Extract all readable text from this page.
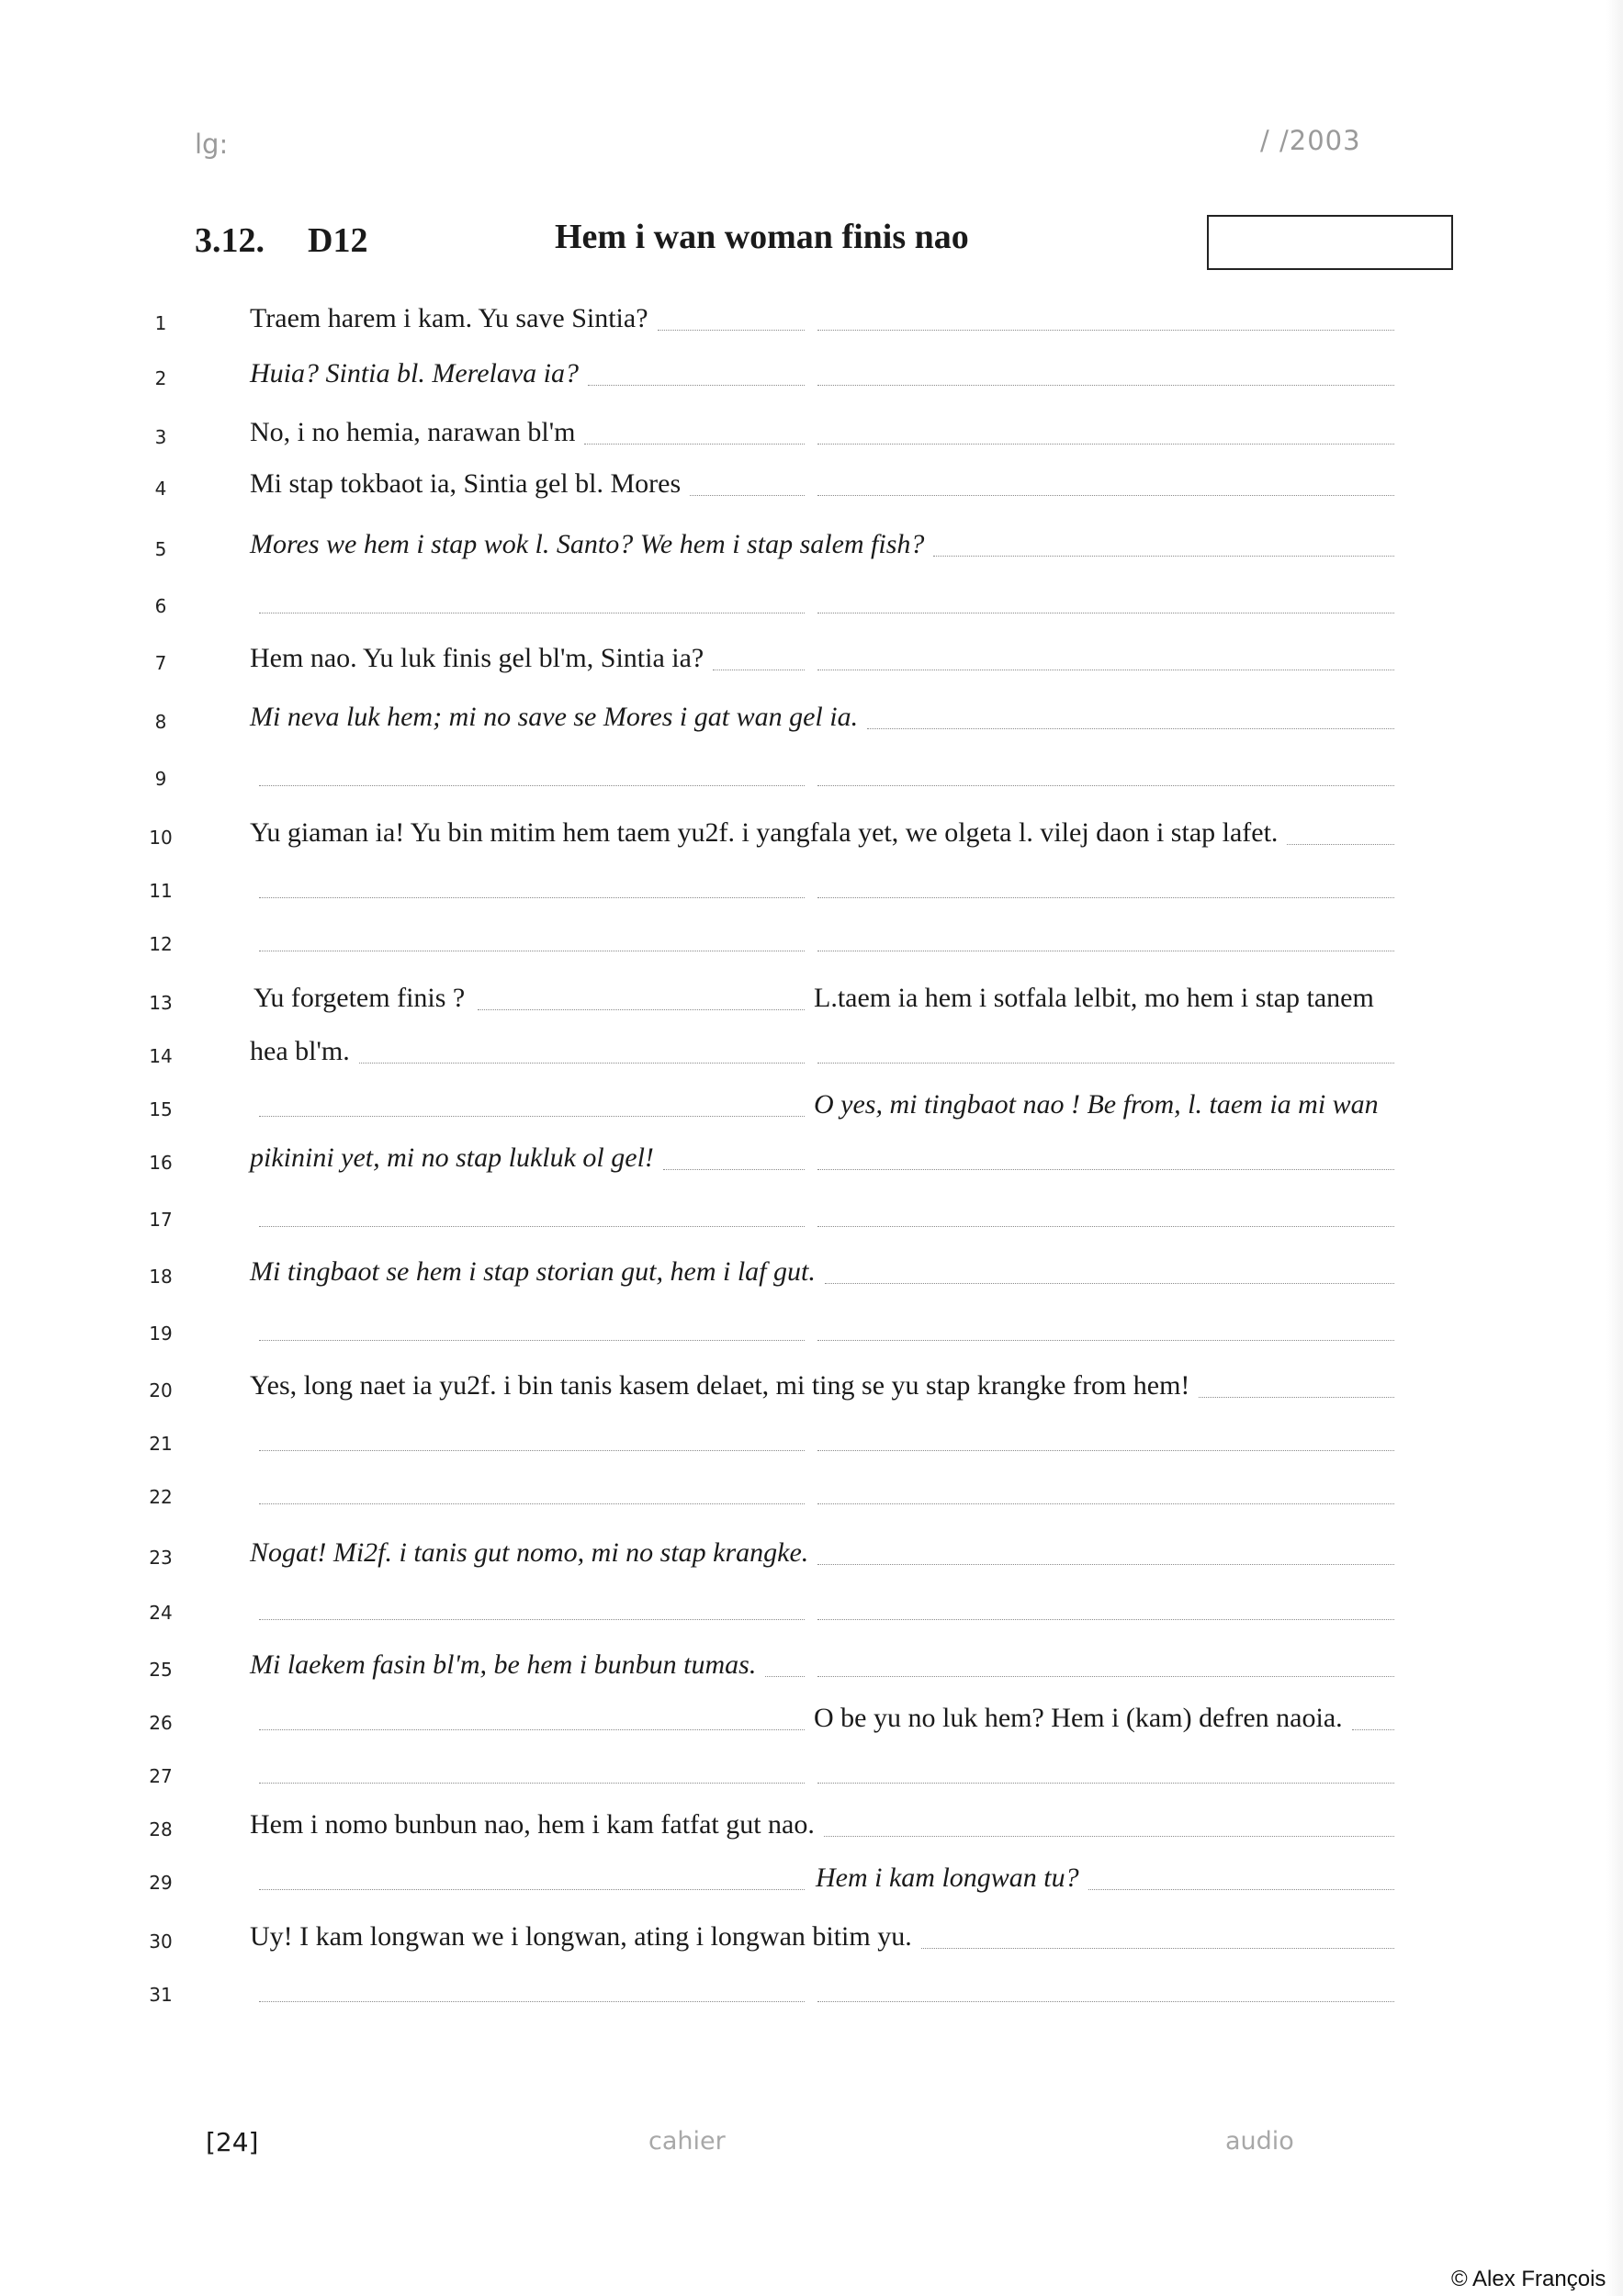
lg:	/ /2003
3.12. D12	Hem i wan woman finis nao
1	Traem harem i kam. Yu save Sintia?
2	Huia? Sintia bl. Merelava ia?
3	No, i no hemia, narawan bl'm
4	Mi stap tokbaot ia, Sintia gel bl. Mores
5	Mores we hem i stap wok l. Santo? We hem i stap salem fish?
6
7	Hem nao. Yu luk finis gel bl'm, Sintia ia?
8	Mi neva luk hem; mi no save se Mores i gat wan gel ia.
9
10	Yu giaman ia! Yu bin mitim hem taem yu2f. i yangfala yet, we olgeta l. vilej daon i stap lafet.
11
12
13	Yu forgetem finis ?	L.taem ia hem i sotfala lelbit, mo hem i stap tanem
14	hea bl'm.
15	O yes, mi tingbaot nao ! Be from, l. taem ia mi wan
16	pikinini yet, mi no stap lukluk ol gel!
17
18	Mi tingbaot se hem i stap storian gut, hem i laf gut.
19
20	Yes, long naet ia yu2f. i bin tanis kasem delaet, mi ting se yu stap krangke from hem!
21
22
23	Nogat! Mi2f. i tanis gut nomo, mi no stap krangke.
24
25	Mi laekem fasin bl'm, be hem i bunbun tumas.
26	O be yu no luk hem? Hem i (kam) defren naoia.
27
28	Hem i nomo bunbun nao, hem i kam fatfat gut nao.
29	Hem i kam longwan tu?
30	Uy! I kam longwan we i longwan, ating i longwan bitim yu.
31
[24]	cahier	audio
© Alex François
